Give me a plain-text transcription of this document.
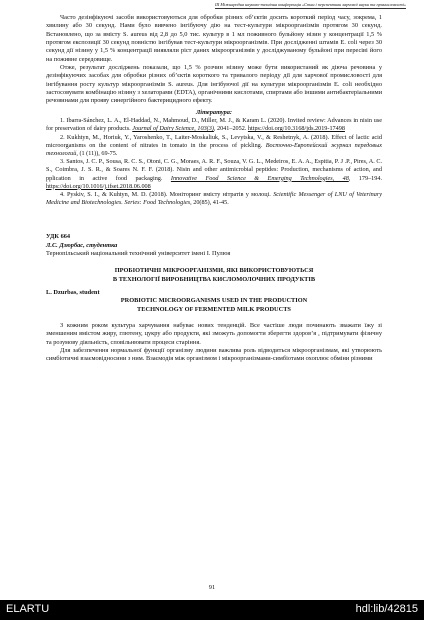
III Міжнародна науково-технічна конференція «Стан і перспективи харчової науки та промисловості»

Часто дезінфікуючі засоби використовуються для обробки різних об’єктів досить короткий період часу, зокрема, 1 хвилину або 30 секунд. Нами було вивчено інгібуючу дію на тест-культури мікроорганізмів протягом 30 секунд. Встановлено, що за вмісту S. aureus від 2,8 до 5,0 тис. культур в 1 мл поживного бульйону нізин у концентрації 1,5 % протягом експозиції 30 секунд повністю інгібував тест-культури мікроорганізмів. При дослідженні штамів E. coli через 30 секунд дії нізину у 1,5 % концентрації виявляли ріст даних мікроорганізмів у досліджуваному бульйоні при пересіві його на поживне середовище.

Отже, результат досліджень показали, що 1,5 % розчин нізину може бути використаний як діюча речовина у дезінфікуючих засобах для обробки різних об’єктів короткого та тривалого періоду дії для харчової промисловості для інгібування росту культур мікроорганізмів S. aureus. Для інгібуючої дії на культури мікроорганізмів E. coli необхідно застосовувати комбінацію нізину з хелаторами (EDTA), органічними кислотами, спиртами або іншими антибактеріальними речовинами для прояву синергійного бактерицидного ефекту.

Література:

1. Ibarra-Sánchez, L. A., El-Haddad, N., Mahmoud, D., Miller, M. J., & Karam L. (2020). Invited review: Advances in nisin use for preservation of dairy products. Journal of Dairy Science, 103(3), 2041–2052. https://doi.org/10.3168/jds.2019-17498

2. Kukhtyn, M., Horiuk, Y., Yaroshenko, T., Laiter-Moskaliuk, S., Levytska, V., & Reshetnyk, A. (2018). Effect of lactic acid microorganisms on the content of nitrates in tomato in the process of pickling. Восточно-Европейский журнал передовых технологий, (1 (11)), 69-75.

3. Santos, J. C. P., Sousa, R. C. S., Otoni, C. G., Moraes, A. R. F., Souza, V. G. L., Medeiros, E. A. A., Espitia, P. J .P., Pires, A. C. S., Coimbra, J. S. R., & Soares N. F. F. (2018). Nisin and other antimicrobial peptides: Production, mechanisms of action, and pplication in active food packaging. Innovative Food Science & Emerging Technologies, 48, 179–194. https://doi.org/10.1016/j.ifset.2018.06.008

4. Pyskiv, S. I., & Kuhtyn, M. D. (2018). Моніторинг вмісту нітратів у молоці. Scientific Messenger of LNU of Veterinary Medicine and Biotechnologies. Series: Food Technologies, 20(85), 41-45.

УДК 664

Л.С. Дзюрбас, студентка

Тернопільський національний технічний університет імені І. Пулюя

ПРОБІОТИЧНІ МІКРООРГАНІЗМИ, ЯКІ ВИКОРИСТОВУЮТЬСЯ

В ТЕХНОЛОГІЇ ВИРОБНИЦТВА КИСЛОМОЛОЧНИХ ПРОДУКТІВ

L. Dzurbas, student

PROBIOTIC MICROORGANISMS USED IN THE PRODUCTION

TECHNOLOGY OF FERMENTED MILK PRODUCTS

З кожним роком культура харчування набуває нових тенденцій. Все частіше люди починають зважати їжу зі зменшеним вмістом жиру, глютену, цукру або продукти, які зможуть допомогти зберегти здоров’я , підтримувати фізичну та розумову діяльність, сповільнювати процеси старіння.

Для забезпечення нормальної функції організму людини важлива роль відводиться мікроорганізмам, які утворюють симбіотичні взаємовідносини з ним. Взаємодія між організмом і мікроорганізмами-симбіотами охоплює обміни різними

91
ELARTU	hdl:lib/42815
